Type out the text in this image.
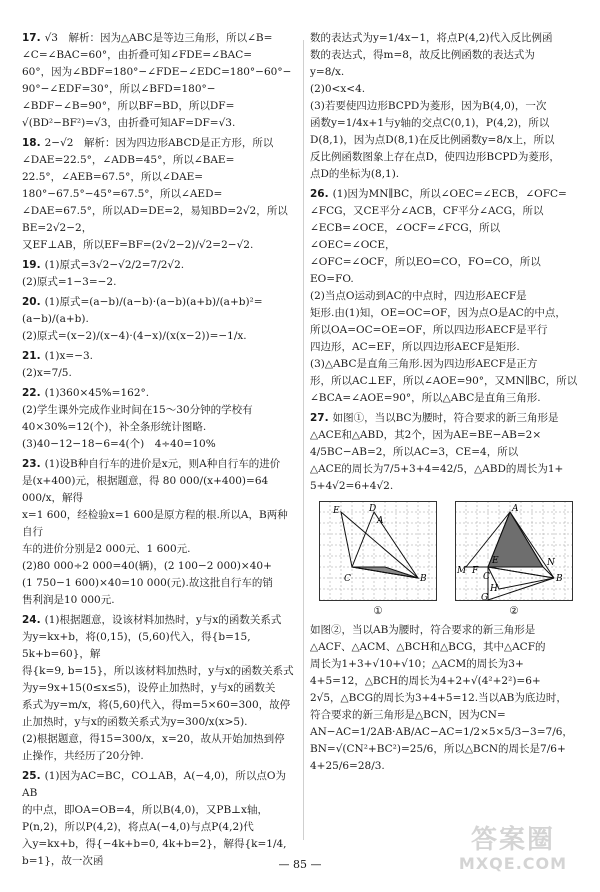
17. √3　解析：因为△ABC是等边三角形，所以∠B=

∠C=∠BAC=60°，由折叠可知∠FDE=∠BAC=

60°，因为∠BDF=180°−∠FDE−∠EDC=180°−60°−

90°−∠EDF=30°，所以∠BFD=180°−

∠BDF−∠B=90°，所以BF=BD，所以DF=

√(BD²−BF²)=√3，由折叠可知AF=DF=√3.

18. 2−√2　解析：因为四边形ABCD是正方形，所以

∠DAE=22.5°，∠ADB=45°，所以∠BAE=

22.5°，∠AEB=67.5°，所以∠DAE=

180°−67.5°−45°=67.5°，所以∠AED=

∠DAE=67.5°，所以AD=DE=2，易知BD=2√2，所以BE=2√2−2，

又EF⊥AB，所以EF=BF=(2√2−2)/√2=2−√2.

19. (1)原式=3√2−√2/2=7/2√2.

(2)原式=1−3=−2.

20. (1)原式=(a−b)/(a−b)·(a−b)(a+b)/(a+b)²=(a−b)/(a+b).

(2)原式=(x−2)/(x−4)·(4−x)/(x(x−2))=−1/x.

21. (1)x=−3.

(2)x=7/5.

22. (1)360×45%=162°.

(2)学生课外完成作业时间在15～30分钟的学校有

40×30%=12(个)，补全条形统计图略.

(3)40−12−18−6=4(个)　4÷40=10%

23. (1)设B种自行车的进价是x元，则A种自行车的进价

是(x+400)元，根据题意，得 80 000/(x+400)=64 000/x，解得

x=1 600，经检验x=1 600是原方程的根.所以A，B两种自行

车的进价分别是2 000元、1 600元.

(2)80 000÷2 000=40(辆)，(2 100−2 000)×40+

(1 750−1 600)×40=10 000(元).故这批自行车的销

售利润是10 000元.

24. (1)根据题意，设该材料加热时，y与x的函数关系式

为y=kx+b，将(0,15)，(5,60)代入，得{b=15, 5k+b=60}，解

得{k=9, b=15}，所以该材料加热时，y与x的函数关系式

为y=9x+15(0≤x≤5)，设停止加热时，y与x的函数关

系式为y=m/x，将(5,60)代入，得m=5×60=300，故停

止加热时，y与x的函数关系式为y=300/x(x>5).

(2)根据题意，得15=300/x，x=20，故从开始加热到停

止操作，共经历了20分钟.

25. (1)因为AC=BC，CO⊥AB，A(−4,0)，所以点O为AB

的中点，即OA=OB=4，所以B(4,0)，又PB⊥x轴，

P(n,2)，所以P(4,2)，将点A(−4,0)与点P(4,2)代

入y=kx+b，得{−4k+b=0, 4k+b=2}，解得{k=1/4, b=1}，故一次函

数的表达式为y=1/4x−1，将点P(4,2)代入反比例函

数的表达式，得m=8，故反比例函数的表达式为

y=8/x.

(2)0<x<4.

(3)若要使四边形BCPD为菱形，因为B(4,0)，一次

函数y=1/4x+1与y轴的交点C(0,1)，P(4,2)，所以

D(8,1)，因为点D(8,1)在反比例函数y=8/x上，所以

反比例函数图象上存在点D，使四边形BCPD为菱形，

点D的坐标为(8,1).

26. (1)因为MN∥BC，所以∠OEC=∠ECB，∠OFC=

∠FCG，又CE平分∠ACB，CF平分∠ACG，所以

∠ECB=∠OCE，∠OCF=∠FCG，所以∠OEC=∠OCE，

∠OFC=∠OCF，所以EO=CO，FO=CO，所以

EO=FO.

(2)当点O运动到AC的中点时，四边形AECF是

矩形.由(1)知，OE=OC=OF，因为点O是AC的中点，

所以OA=OC=OE=OF，所以四边形AECF是平行

四边形，AC=EF，所以四边形AECF是矩形.

(3)△ABC是直角三角形.因为四边形AECF是正方

形，所以AC⊥EF，所以∠AOE=90°，又MN∥BC，所以

∠BCA=∠AOE=90°，所以△ABC是直角三角形.

27. 如图①，当以BC为腰时，符合要求的新三角形是

△ACE和△ABD，其2个，因为AE=BE−AB=2×

4/5BC−AB=2，所以AC=3，CE=4，所以

△ACE的周长为7/5+3+4=42/5，△ABD的周长为1+

5+4√2=6+4√2.

E	D
A
C	B
①
M F
E
C
A
B
N
H
G
②

如图②，当以AB为腰时，符合要求的新三角形是

△ACF、△ACM、△BCH和△BCG，其中△ACF的

周长为1+3+√10+√10；△ACM的周长为3+

4+5=12，△BCH的周长为4+2+√(4²+2²)=6+

2√5，△BCG的周长为3+4+5=12.当以AB为底边时，

符合要求的新三角形是△BCN，因为CN=

AN−AC=1/2AB·AB/AC−AC=1/2×5×5/3−3=7/6，

BN=√(CN²+BC²)=25/6，所以△BCN的周长是7/6+

4+25/6=28/3.

— 85 —
答案圈
MXQE.COM
